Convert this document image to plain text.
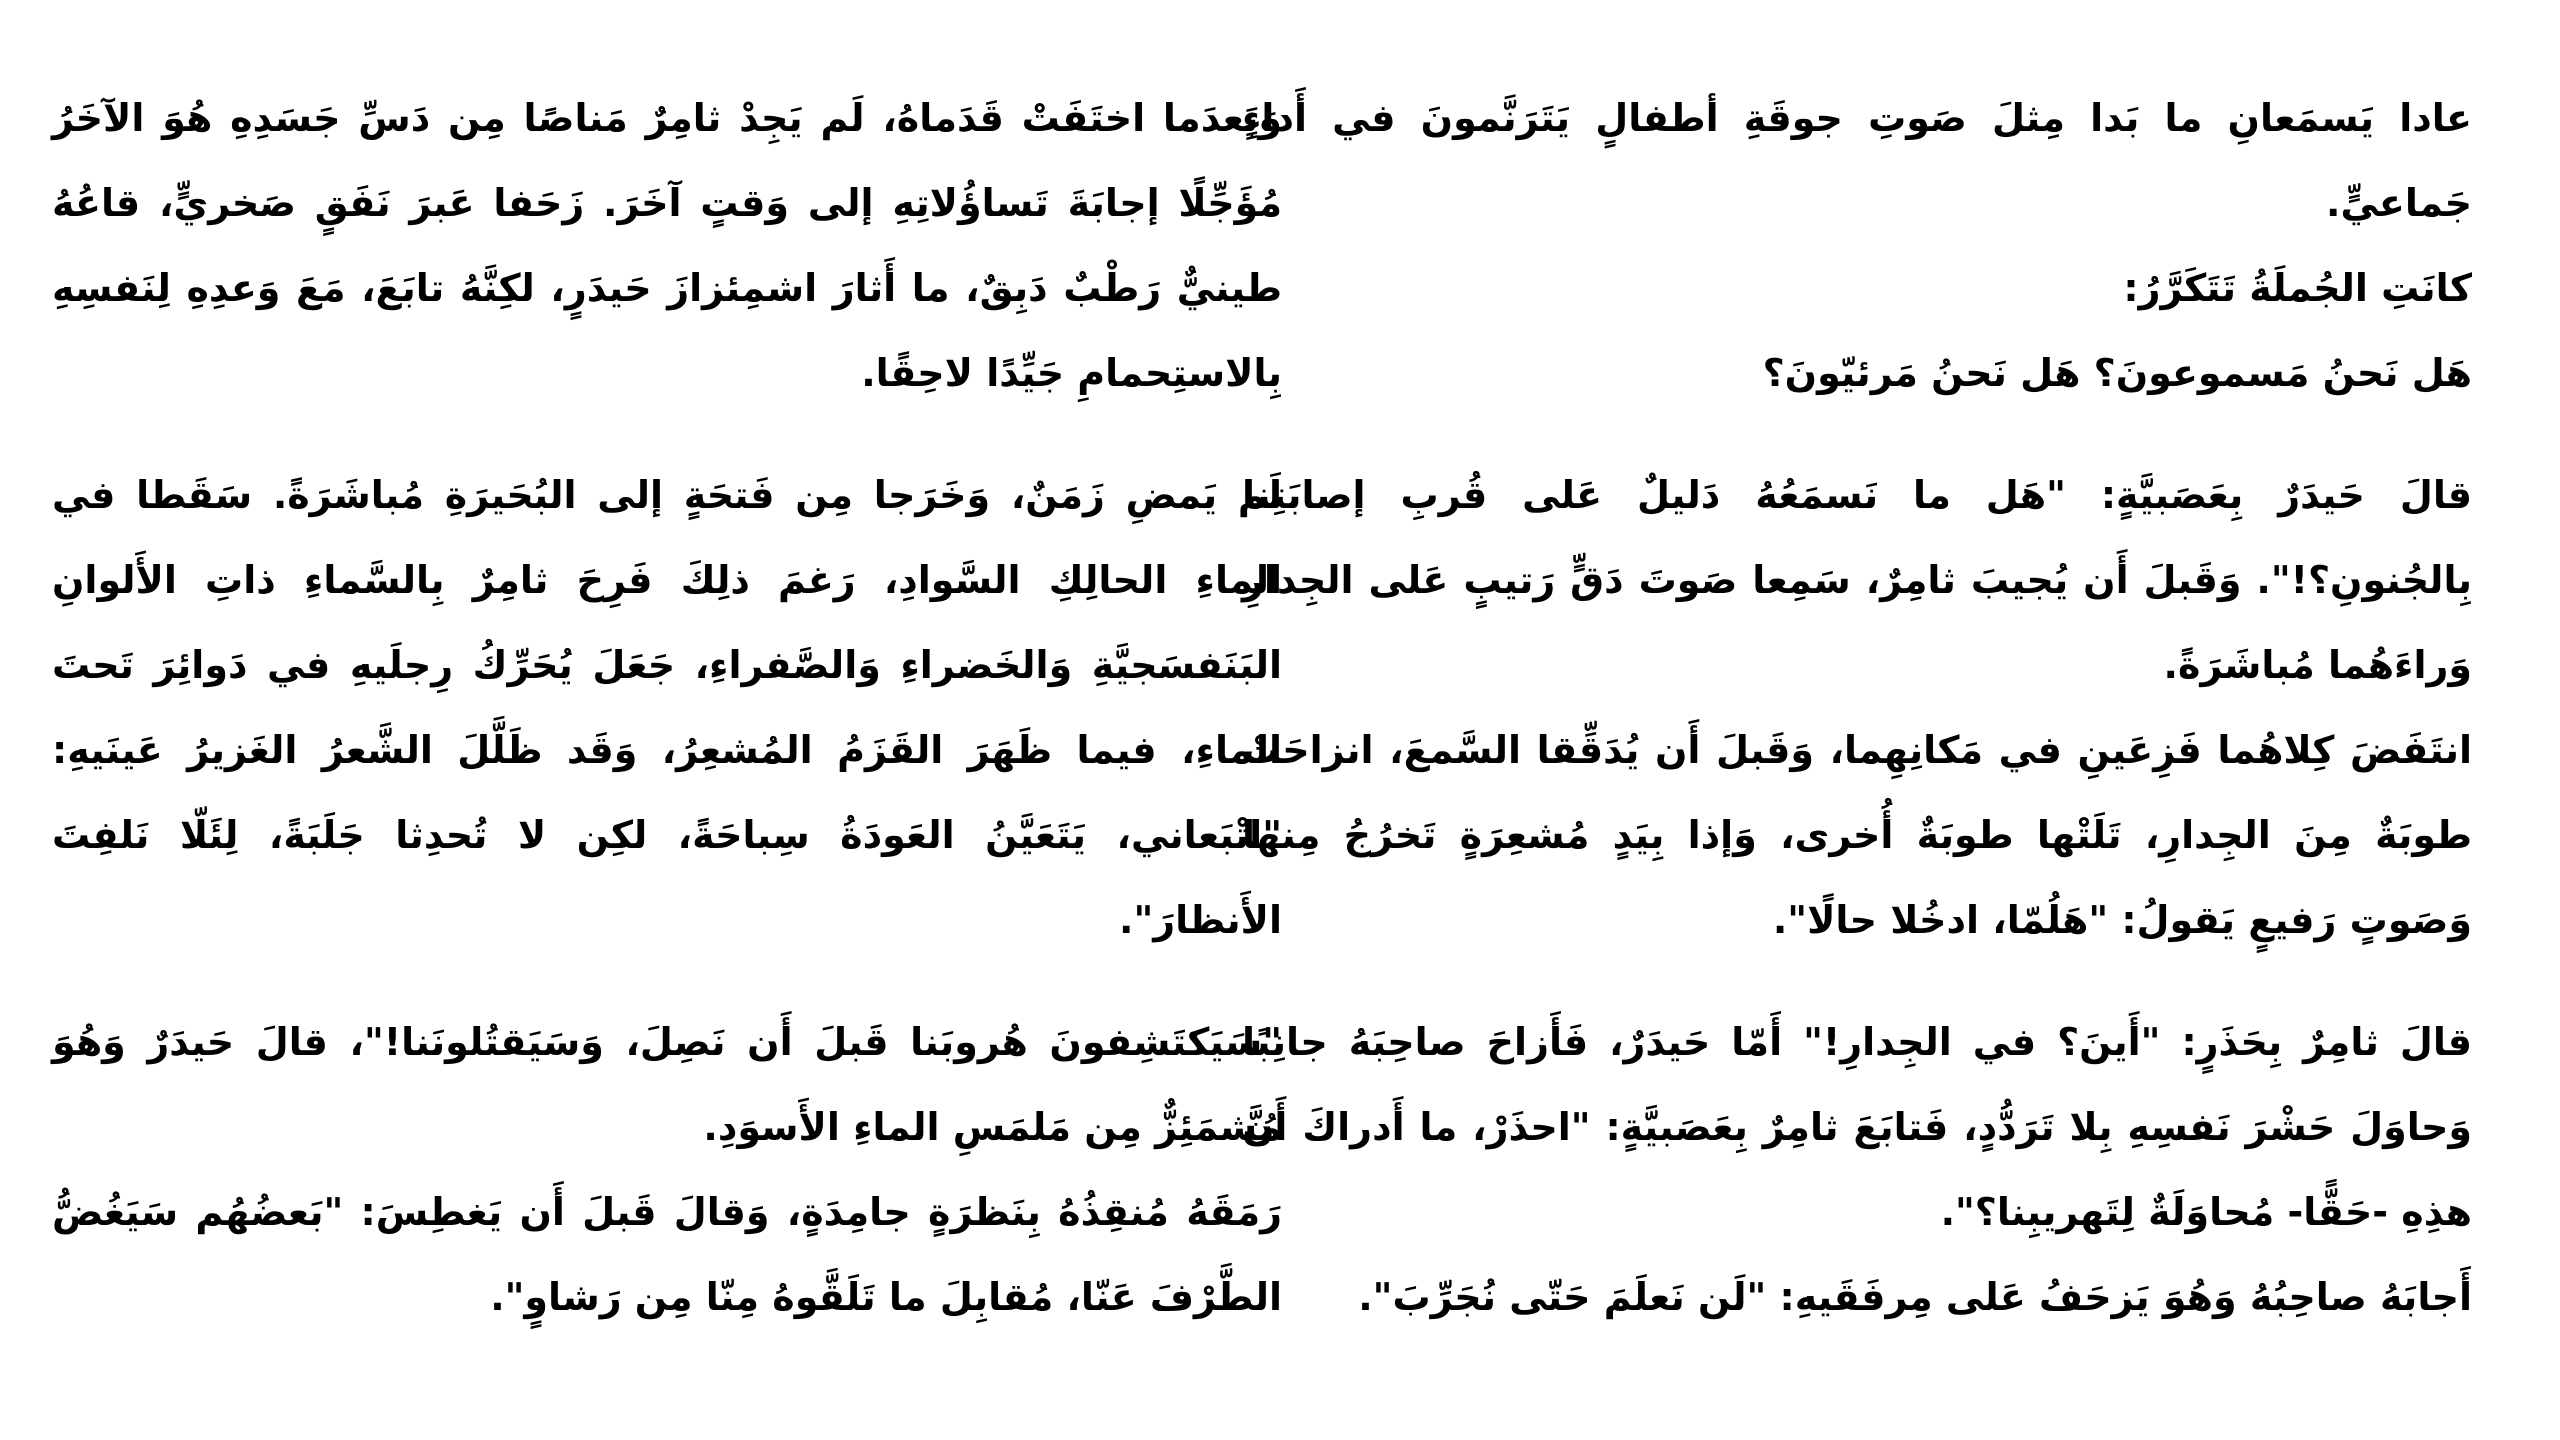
عادا يَسمَعانِ ما بَدا مِثلَ صَوتِ جوقَةِ أطفالٍ يَتَرَنَّمونَ في أَداءٍ جَماعيٍّ.

كانَتِ الجُملَةُ تَتَكَرَّرُ:

هَل نَحنُ مَسموعونَ؟ هَل نَحنُ مَرئيّونَ؟

قالَ حَيدَرٌ بِعَصَبيَّةٍ: "هَل ما نَسمَعُهُ دَليلٌ عَلى قُربِ إصابَتِنا بِالجُنونِ؟!". وَقَبلَ أَن يُجيبَ ثامِرٌ، سَمِعا صَوتَ دَقٍّ رَتيبٍ عَلى الجِدارِ وَراءَهُما مُباشَرَةً.

انتَفَضَ كِلاهُما فَزِعَينِ في مَكانِهِما، وَقَبلَ أَن يُدَقِّقا السَّمعَ، انزاحَتْ طوبَةٌ مِنَ الجِدارِ، تَلَتْها طوبَةٌ أُخرى، وَإذا بِيَدٍ مُشعِرَةٍ تَخرُجُ مِنها وَصَوتٍ رَفيعٍ يَقولُ: "هَلُمّا، ادخُلا حالًا".

قالَ ثامِرٌ بِحَذَرٍ: "أَينَ؟ في الجِدارِ!" أَمّا حَيدَرٌ، فَأَزاحَ صاحِبَهُ جانِبًا وَحاوَلَ حَشْرَ نَفسِهِ بِلا تَرَدُّدٍ، فَتابَعَ ثامِرٌ بِعَصَبيَّةٍ: "احذَرْ، ما أَدراكَ أَنَّ هذِهِ -حَقًّا- مُحاوَلَةٌ لِتَهريبِنا؟".

أَجابَهُ صاحِبُهُ وَهُوَ يَزحَفُ عَلى مِرفَقَيهِ: "لَن نَعلَمَ حَتّى نُجَرِّبَ".

وَبَعدَما اختَفَتْ قَدَماهُ، لَم يَجِدْ ثامِرٌ مَناصًا مِن دَسِّ جَسَدِهِ هُوَ الآخَرُ مُؤَجِّلًا إجابَةَ تَساؤُلاتِهِ إلى وَقتٍ آخَرَ. زَحَفا عَبرَ نَفَقٍ صَخريٍّ، قاعُهُ طينيٌّ رَطْبٌ دَبِقٌ، ما أَثارَ اشمِئزازَ حَيدَرٍ، لكِنَّهُ تابَعَ، مَعَ وَعدِهِ لِنَفسِهِ بِالاستِحمامِ جَيِّدًا لاحِقًا.

لَم يَمضِ زَمَنٌ، وَخَرَجا مِن فَتحَةٍ إلى البُحَيرَةِ مُباشَرَةً. سَقَطا في الماءِ الحالِكِ السَّوادِ، رَغمَ ذلِكَ فَرِحَ ثامِرٌ بِالسَّماءِ ذاتِ الأَلوانِ البَنَفسَجيَّةِ وَالخَضراءِ وَالصَّفراءِ، جَعَلَ يُحَرِّكُ رِجلَيهِ في دَوائِرَ تَحتَ الماءِ، فيما ظَهَرَ القَزَمُ المُشعِرُ، وَقَد ظَلَّلَ الشَّعرُ الغَزيرُ عَينَيهِ: "اتْبَعاني، يَتَعَيَّنُ العَودَةُ سِباحَةً، لكِن لا تُحدِثا جَلَبَةً، لِئَلّا نَلفِتَ الأَنظارَ".

"سَيَكتَشِفونَ هُروبَنا قَبلَ أَن نَصِلَ، وَسَيَقتُلونَنا!"، قالَ حَيدَرٌ وَهُوَ مُشمَئِزٌّ مِن مَلمَسِ الماءِ الأَسوَدِ.

رَمَقَهُ مُنقِذُهُ بِنَظرَةٍ جامِدَةٍ، وَقالَ قَبلَ أَن يَغطِسَ: "بَعضُهُم سَيَغُضُّ الطَّرْفَ عَنّا، مُقابِلَ ما تَلَقَّوهُ مِنّا مِن رَشاوٍ".
